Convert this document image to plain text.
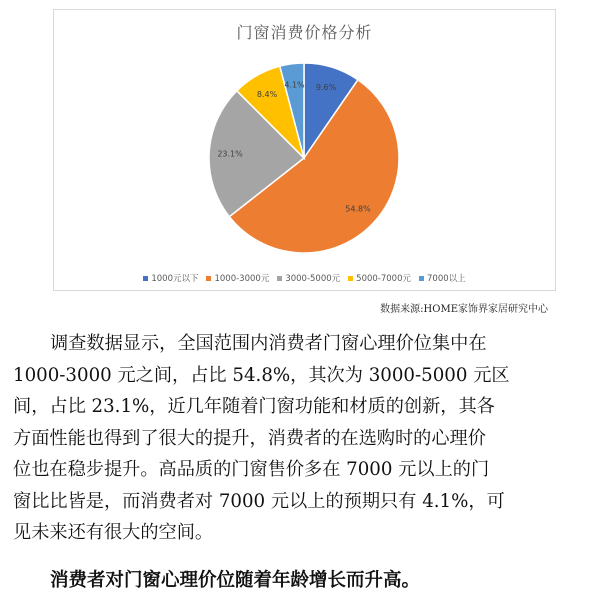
门窗消费价格分析
9.6%
54.8%
23.1%
8.4%
4.1%
1000元以下 1000-3000元 3000-5000元 5000-7000元 7000以上
数据来源:HOME家饰界家居研究中心
调查数据显示，全国范围内消费者门窗心理价位集中在
1000-3000 元之间，占比 54.8%，其次为 3000-5000 元区
间，占比 23.1%，近几年随着门窗功能和材质的创新，其各
方面性能也得到了很大的提升，消费者的在选购时的心理价
位也在稳步提升。高品质的门窗售价多在 7000 元以上的门
窗比比皆是，而消费者对 7000 元以上的预期只有 4.1%，可
见未来还有很大的空间。
消费者对门窗心理价位随着年龄增长而升高。
